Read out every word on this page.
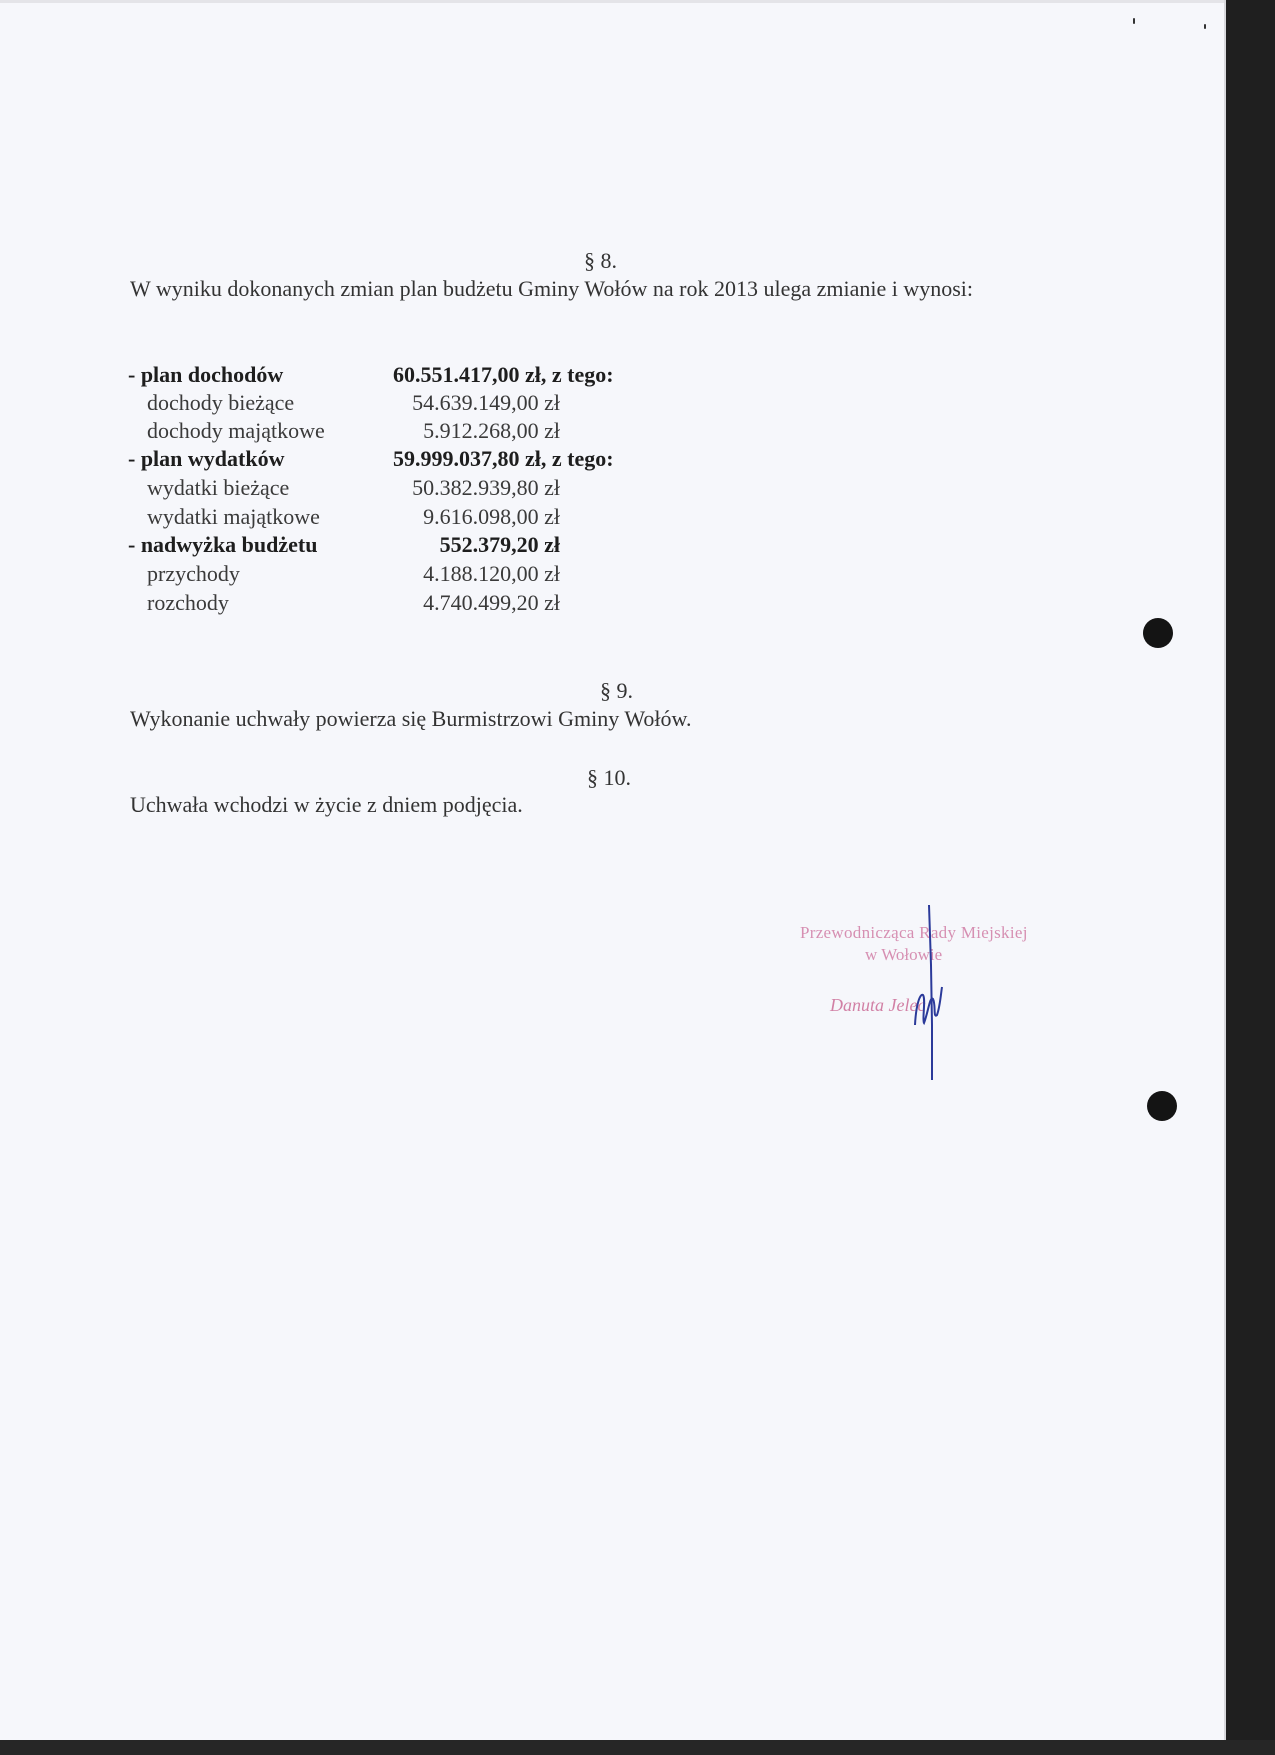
§ 8.
W wyniku dokonanych zmian plan budżetu Gminy Wołów na rok 2013 ulega zmianie i wynosi:
- plan dochodów	60.551.417,00 zł, z tego:
dochody bieżące	54.639.149,00 zł
dochody majątkowe	5.912.268,00 zł
- plan wydatków	59.999.037,80 zł, z tego:
wydatki bieżące	50.382.939,80 zł
wydatki majątkowe	9.616.098,00 zł
- nadwyżka budżetu	552.379,20 zł
przychody	4.188.120,00 zł
rozchody	4.740.499,20 zł
§ 9.
Wykonanie uchwały powierza się Burmistrzowi Gminy Wołów.
§ 10.
Uchwała wchodzi w życie z dniem podjęcia.
Przewodnicząca Rady Miejskiej
w Wołowie
Danuta Jelec
